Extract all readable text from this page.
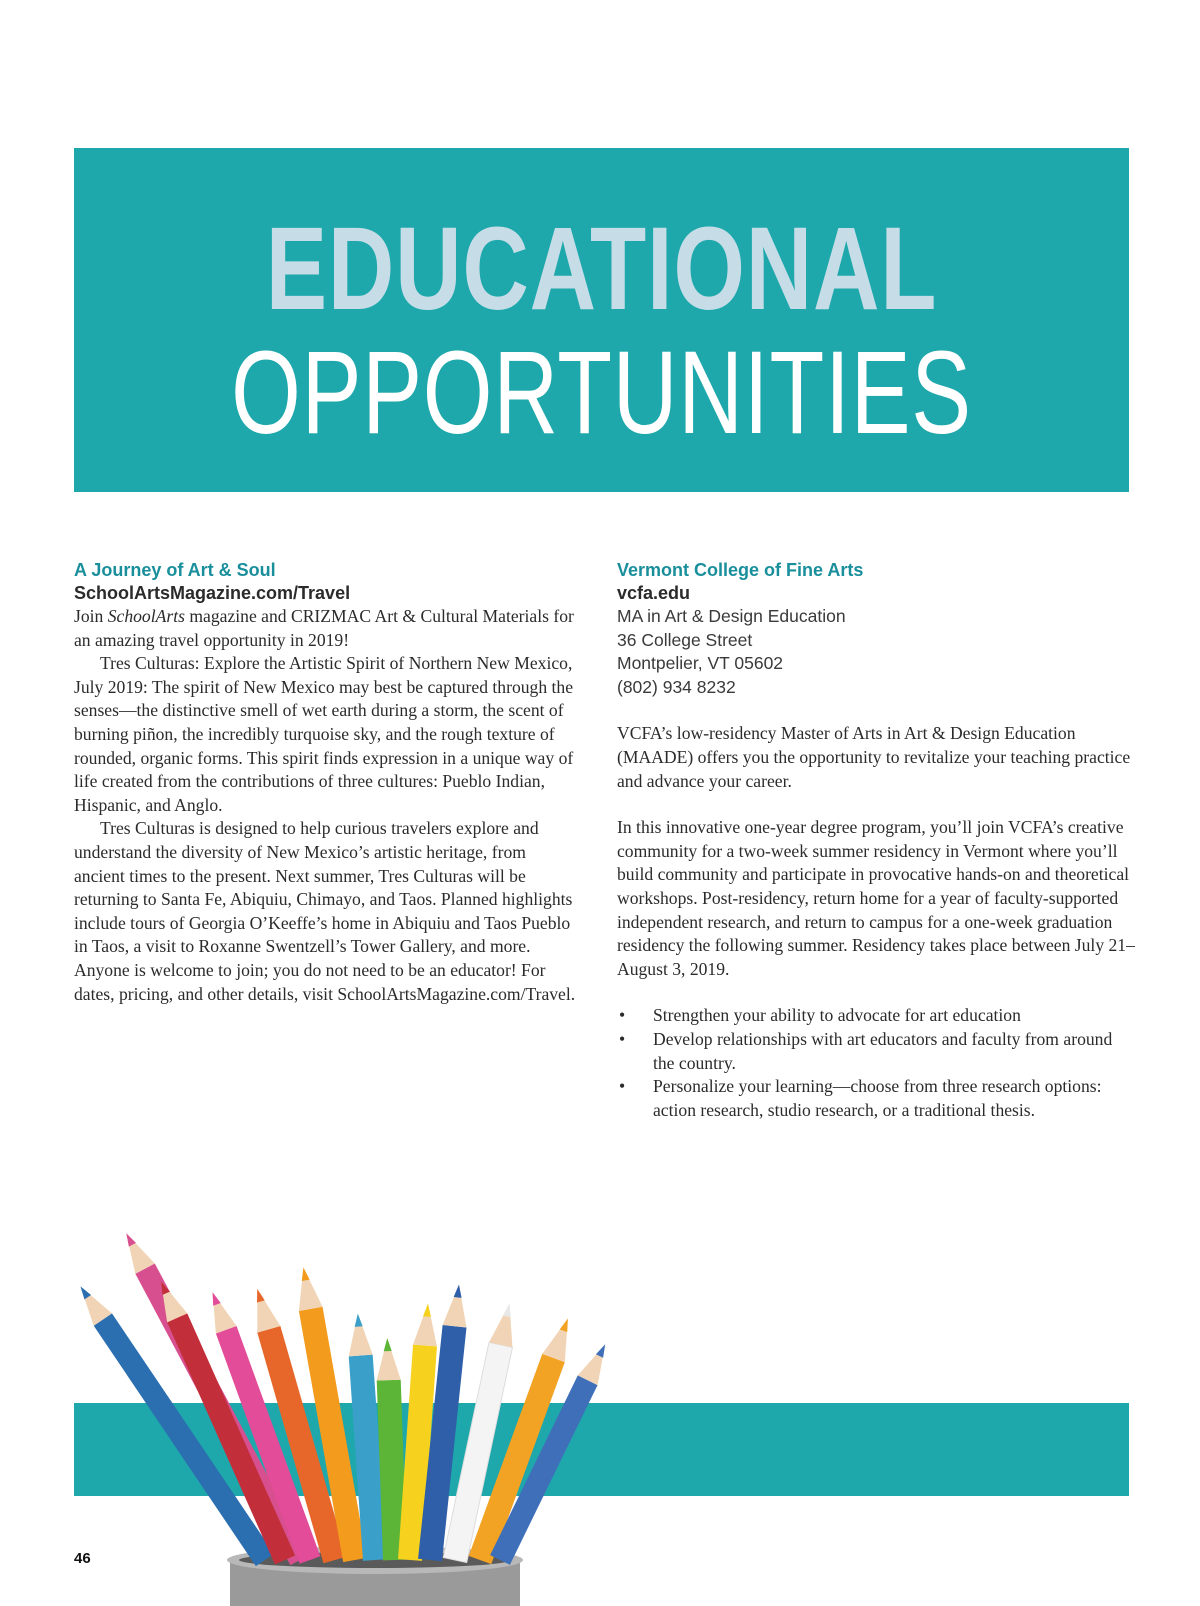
EDUCATIONAL
OPPORTUNITIES

A Journey of Art & Soul

SchoolArtsMagazine.com/Travel

Join SchoolArts magazine and CRIZMAC Art & Cultural Materials for an amazing travel opportunity in 2019!

Tres Culturas: Explore the Artistic Spirit of Northern New Mexico, July 2019: The spirit of New Mexico may best be captured through the senses—the distinctive smell of wet earth during a storm, the scent of burning piñon, the incredibly turquoise sky, and the rough texture of rounded, organic forms. This spirit finds expression in a unique way of life created from the contributions of three cultures: Pueblo Indian, Hispanic, and Anglo.

Tres Culturas is designed to help curious travelers explore and understand the diversity of New Mexico’s artistic heritage, from ancient times to the present. Next summer, Tres Culturas will be returning to Santa Fe, Abiquiu, Chimayo, and Taos. Planned highlights include tours of Georgia O’Keeffe’s home in Abiquiu and Taos Pueblo in Taos, a visit to Roxanne Swentzell’s Tower Gallery, and more. Anyone is welcome to join; you do not need to be an educator! For dates, pricing, and other details, visit SchoolArtsMagazine.com/Travel.

Vermont College of Fine Arts

vcfa.edu

MA in Art & Design Education

36 College Street

Montpelier, VT 05602

(802) 934 8232

VCFA’s low-residency Master of Arts in Art & Design Education (MAADE) offers you the opportunity to revitalize your teaching practice and advance your career.

In this innovative one-year degree program, you’ll join VCFA’s creative community for a two-week summer residency in Vermont where you’ll build community and participate in provocative hands-on and theoretical workshops. Post-residency, return home for a year of faculty-supported independent research, and return to campus for a one-week graduation residency the following summer. Residency takes place between July 21–August 3, 2019.

• Strengthen your ability to advocate for art education
• Develop relationships with art educators and faculty from around the country.
• Personalize your learning—choose from three research options: action research, studio research, or a traditional thesis.
46
